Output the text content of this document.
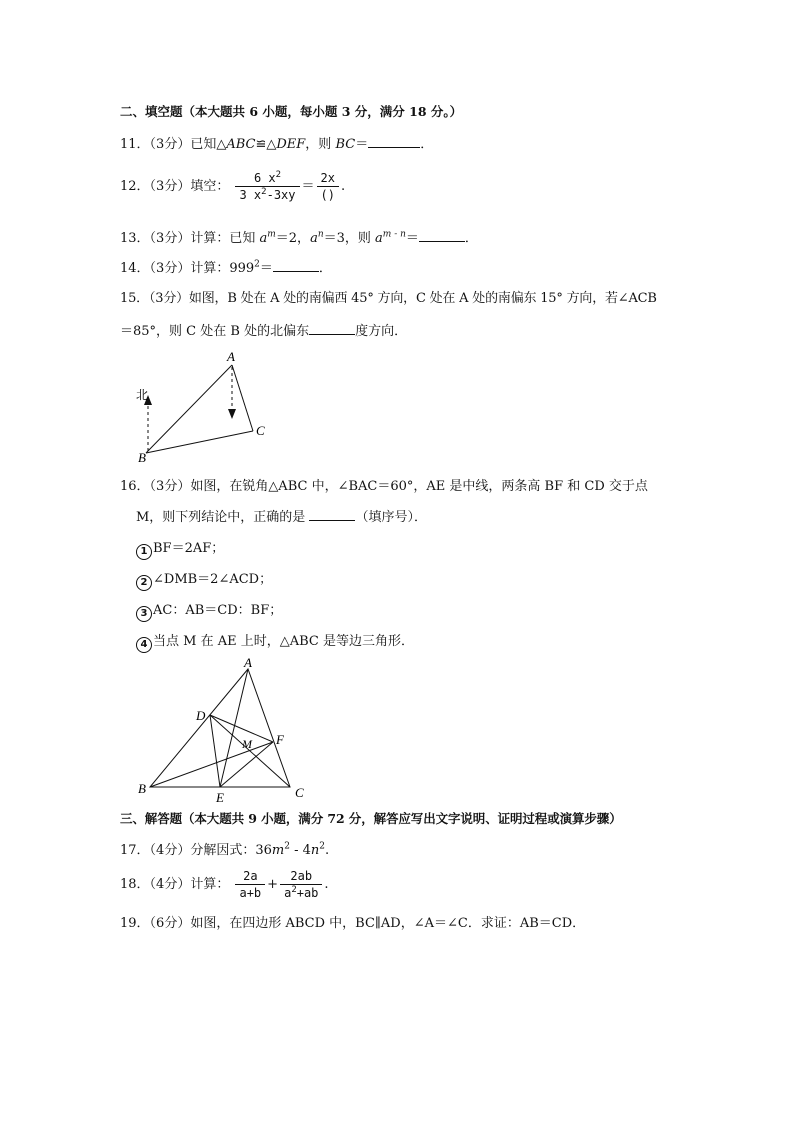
二、填空题（本大题共 6 小题，每小题 3 分，满分 18 分。）
11．（3分）已知△ABC≌△DEF，则 BC＝	．
12．（3分）填空： $\frac{6 x^2}{3 x^2-3xy} = \frac{2x}{()}$ .
13．（3分）计算：已知 $a^m=2$，$a^n=3$，则 $a^{m - n}=$	．
14．（3分）计算：$999^2=$	．
15．（3分）如图，B 处在 A 处的南偏西 45° 方向，C 处在 A 处的南偏东 15° 方向，若∠ACB
＝85°，则 C 处在 B 处的北偏东	度方向．
北
A
B
C
16．（3分）如图，在锐角△ABC 中，∠BAC＝60°，AE 是中线，两条高 BF 和 CD 交于点
M，则下列结论中，正确的是	（填序号）．
1 BF＝2AF；
2 ∠DMB＝2∠ACD；
3 AC：AB＝CD：BF；
4 当点 M 在 AE 上时，△ABC 是等边三角形．
A
B	C
D
E
F
M
三、解答题（本大题共 9 小题，满分 72 分，解答应写出文字说明、证明过程或演算步骤）
17．（4分）分解因式：$36m^2 - 4n^2$.
18．（4分）计算： $\frac{2a}{a+b} + \frac{2ab}{a^2+ab}$ .
19．（6分）如图，在四边形 ABCD 中，BC∥AD，∠A＝∠C．求证：AB＝CD．
